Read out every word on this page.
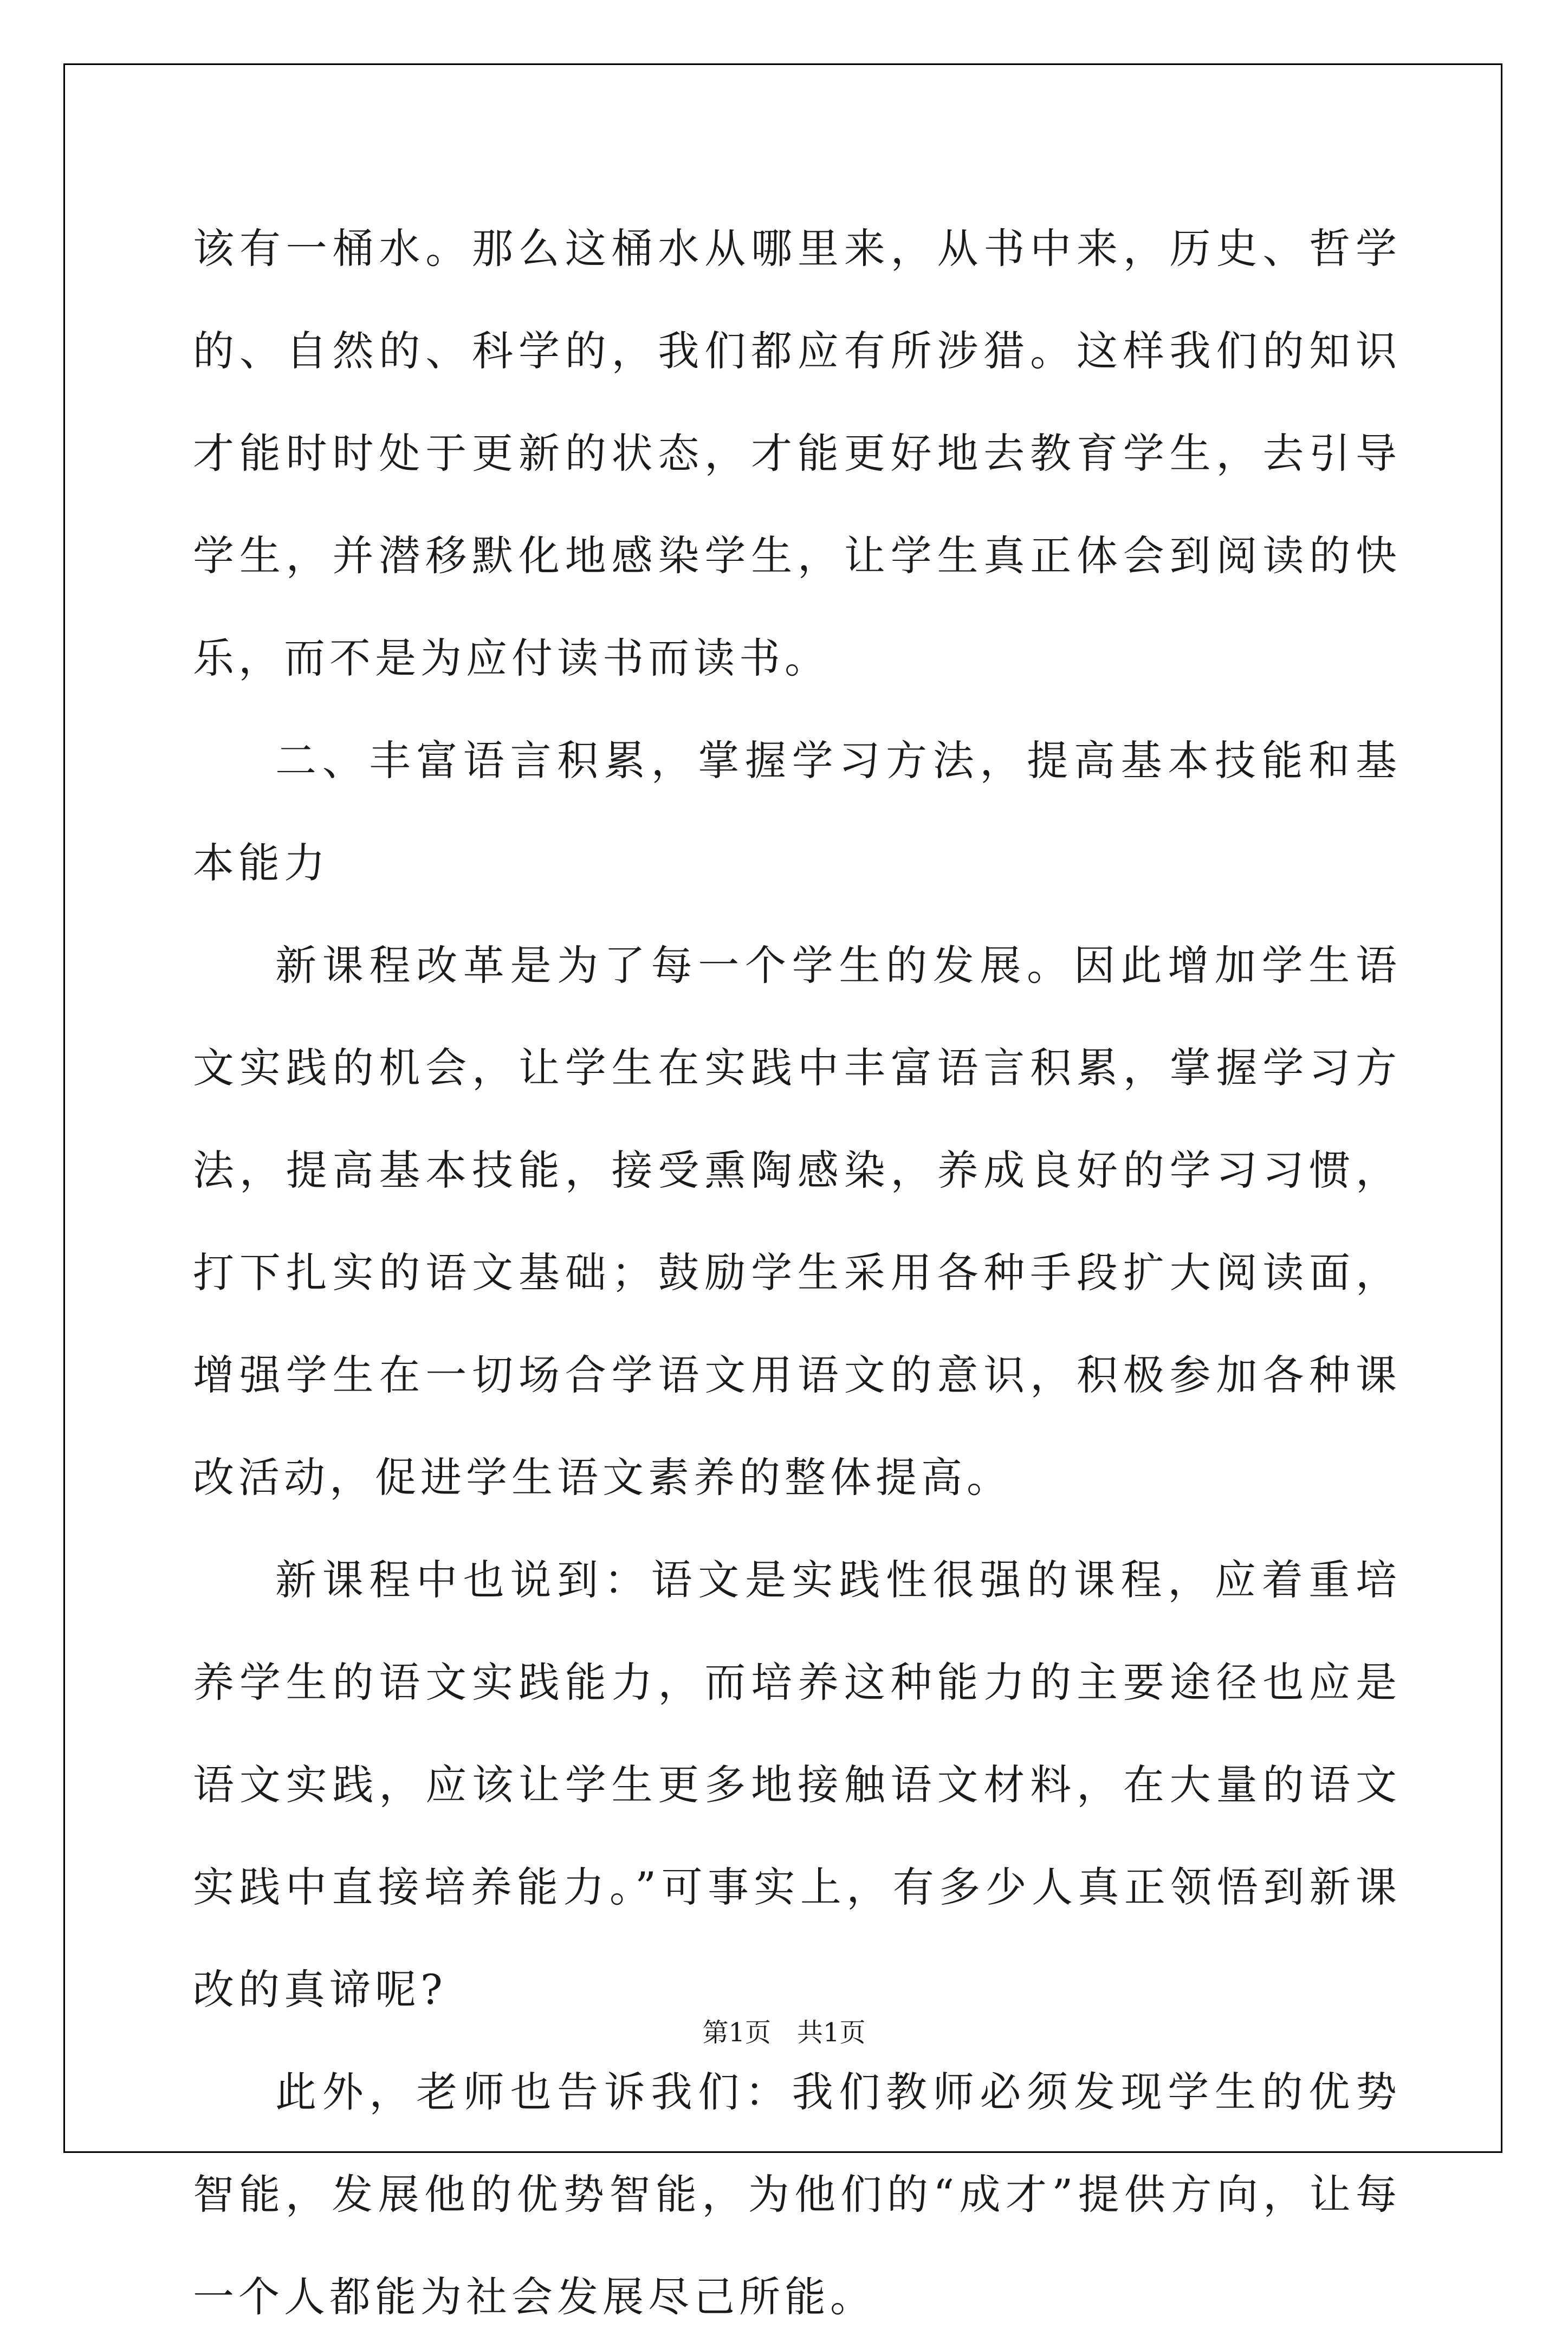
该有一桶水。那么这桶水从哪里来，从书中来，历史、哲学的、自然的、科学的，我们都应有所涉猎。这样我们的知识才能时时处于更新的状态，才能更好地去教育学生，去引导学生，并潜移默化地感染学生，让学生真正体会到阅读的快乐，而不是为应付读书而读书。

二、丰富语言积累，掌握学习方法，提高基本技能和基本能力

新课程改革是为了每一个学生的发展。因此增加学生语文实践的机会，让学生在实践中丰富语言积累，掌握学习方法，提高基本技能，接受熏陶感染，养成良好的学习习惯，打下扎实的语文基础；鼓励学生采用各种手段扩大阅读面，增强学生在一切场合学语文用语文的意识，积极参加各种课改活动，促进学生语文素养的整体提高。

新课程中也说到：语文是实践性很强的课程，应着重培养学生的语文实践能力，而培养这种能力的主要途径也应是语文实践，应该让学生更多地接触语文材料，在大量的语文实践中直接培养能力。”可事实上，有多少人真正领悟到新课改的真谛呢?

此外，老师也告诉我们：我们教师必须发现学生的优势智能，发展他的优势智能，为他们的“成才”提供方向，让每一个人都能为社会发展尽己所能。

第1页　共1页
